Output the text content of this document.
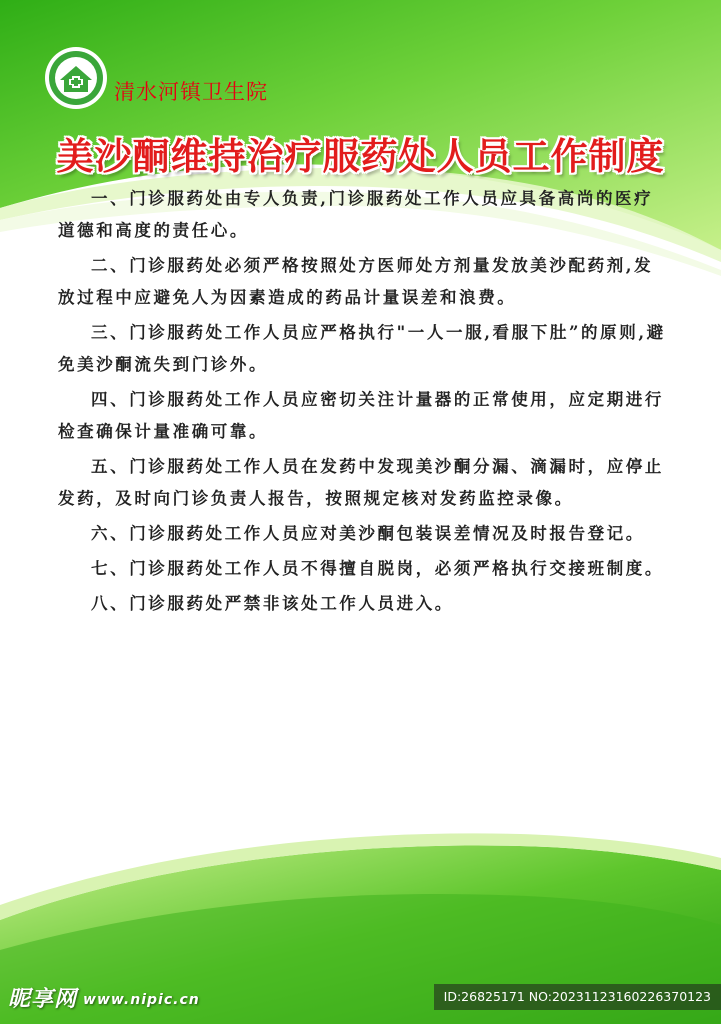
清水河镇卫生院
美沙酮维持治疗服药处人员工作制度

一、门诊服药处由专人负责,门诊服药处工作人员应具备高尚的医疗道德和高度的责任心。

二、门诊服药处必须严格按照处方医师处方剂量发放美沙配药剂,发放过程中应避免人为因素造成的药品计量误差和浪费。

三、门诊服药处工作人员应严格执行"一人一服,看服下肚”的原则,避免美沙酮流失到门诊外。

四、门诊服药处工作人员应密切关注计量器的正常使用，应定期进行检查确保计量准确可靠。

五、门诊服药处工作人员在发药中发现美沙酮分漏、滴漏时，应停止发药，及时向门诊负责人报告，按照规定核对发药监控录像。

六、门诊服药处工作人员应对美沙酮包装误差情况及时报告登记。

七、门诊服药处工作人员不得擅自脱岗，必须严格执行交接班制度。

八、门诊服药处严禁非该处工作人员进入。

昵享网 www.nipic.cn	ID:26825171 NO:20231123160226370123
